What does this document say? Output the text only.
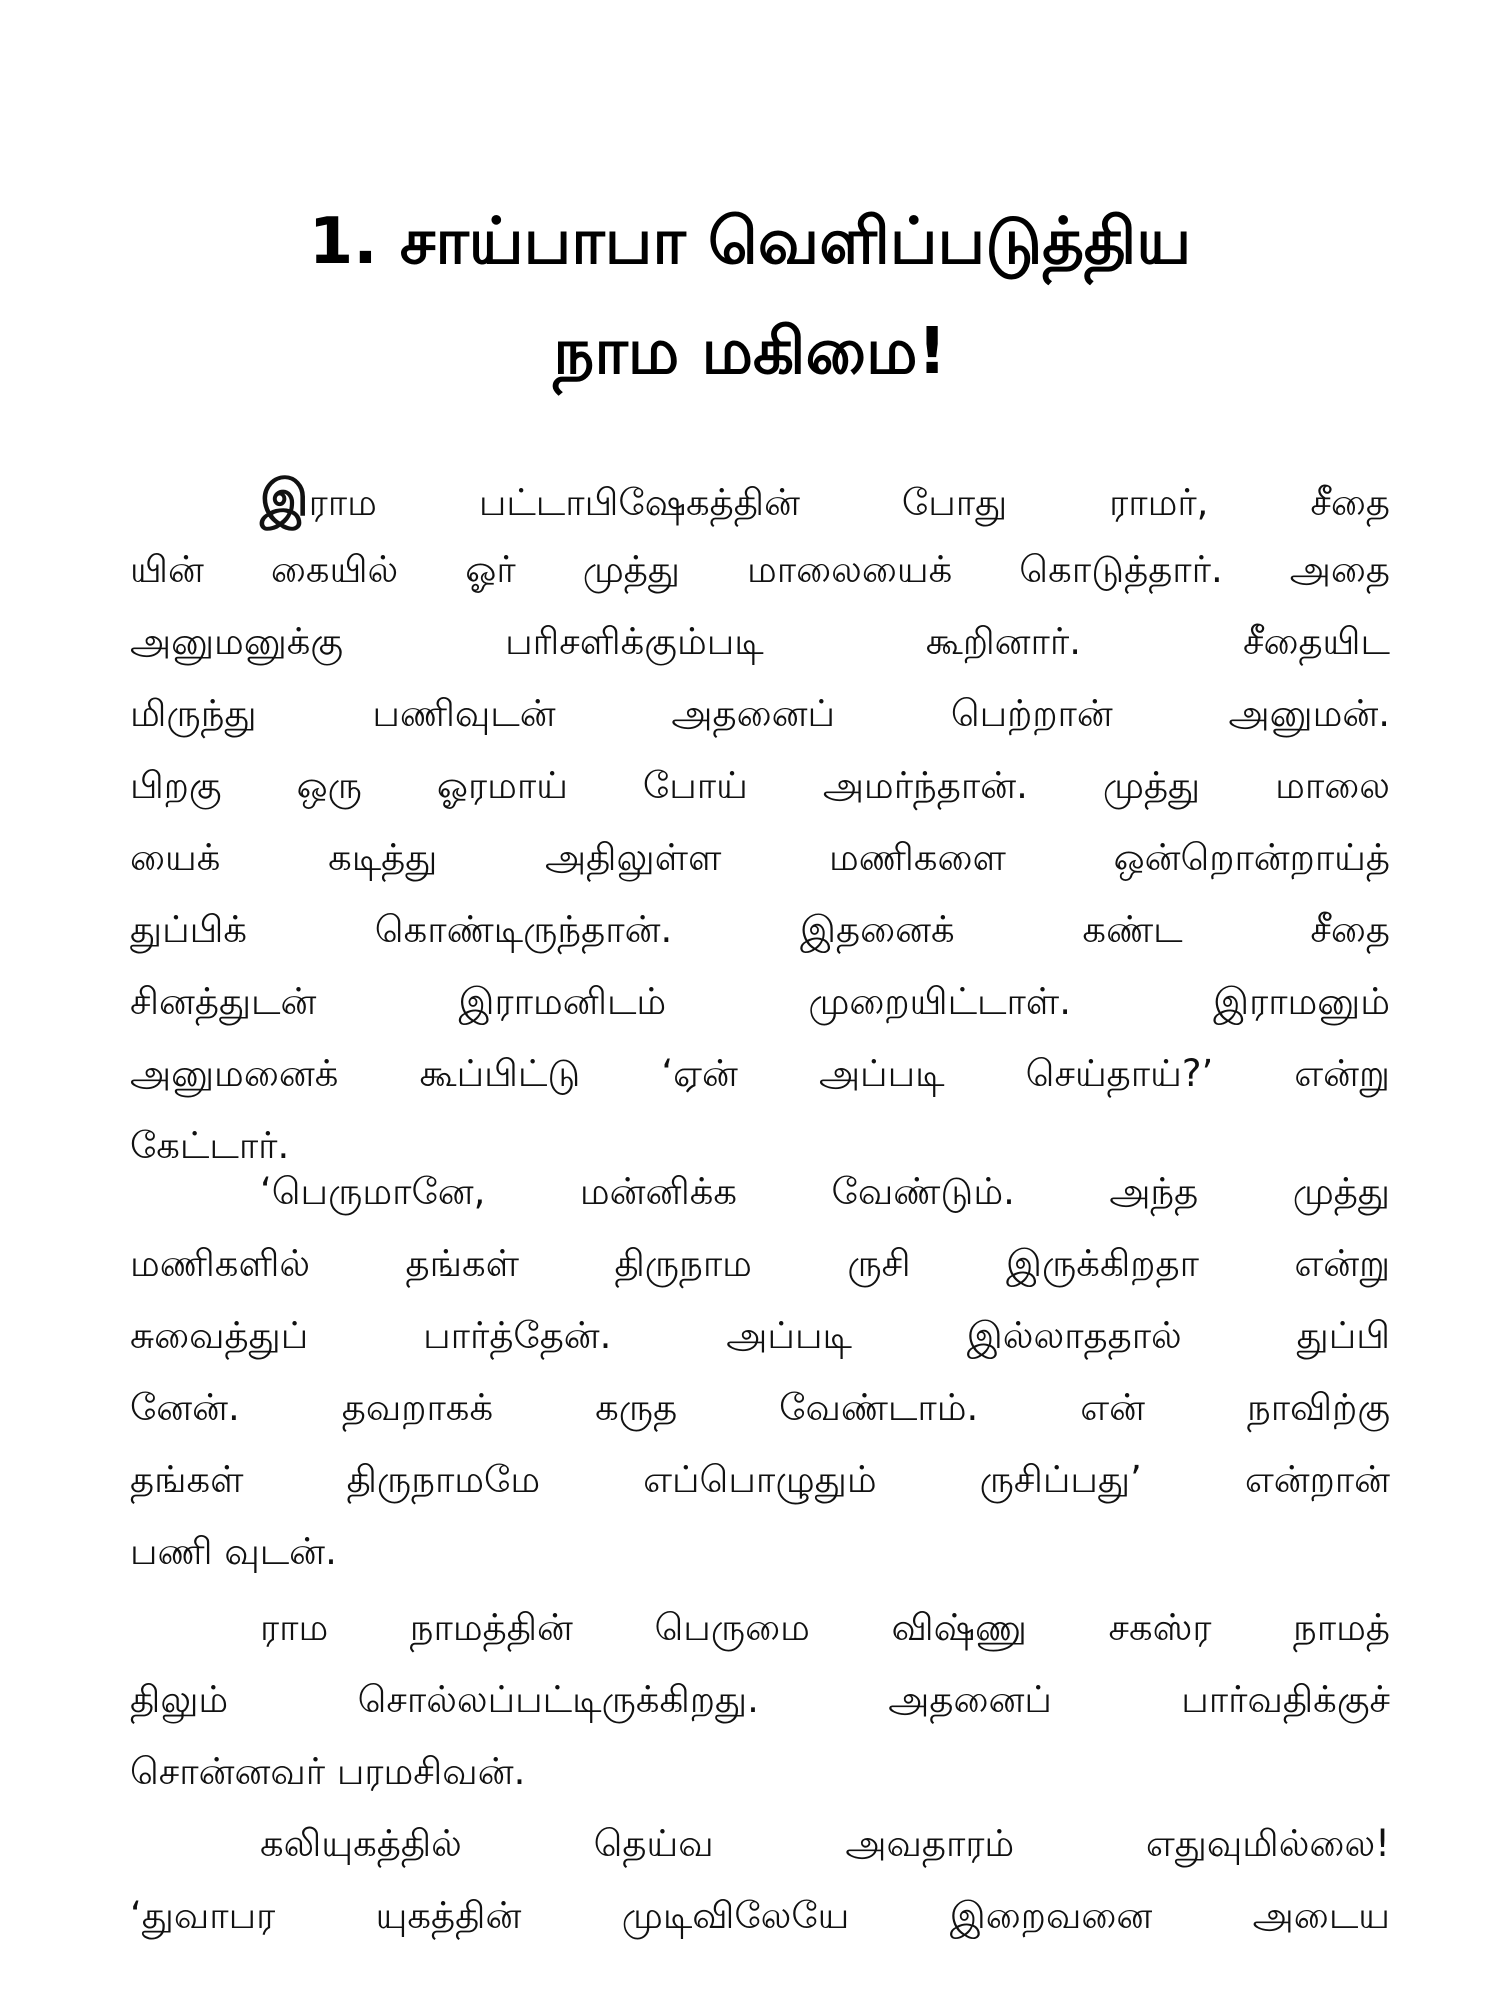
1. சாய்பாபா வெளிப்படுத்திய
நாம மகிமை!
இராம பட்டாபிஷேகத்தின் போது ராமர், சீதை
யின் கையில் ஓர் முத்து மாலையைக் கொடுத்தார். அதை
அனுமனுக்கு பரிசளிக்கும்படி கூறினார். சீதையிட
மிருந்து பணிவுடன் அதனைப் பெற்றான் அனுமன்.
பிறகு ஒரு ஓரமாய் போய் அமர்ந்தான். முத்து மாலை
யைக் கடித்து அதிலுள்ள மணிகளை ஒன்றொன்றாய்த்
துப்பிக் கொண்டிருந்தான். இதனைக் கண்ட சீதை
சினத்துடன் இராமனிடம் முறையிட்டாள். இராமனும்
அனுமனைக் கூப்பிட்டு ‘ஏன் அப்படி செய்தாய்?’ என்று
கேட்டார்.
‘பெருமானே, மன்னிக்க வேண்டும். அந்த முத்து
மணிகளில் தங்கள் திருநாம ருசி இருக்கிறதா என்று
சுவைத்துப் பார்த்தேன். அப்படி இல்லாததால் துப்பி
னேன். தவறாகக் கருத வேண்டாம். என் நாவிற்கு
தங்கள் திருநாமமே எப்பொழுதும் ருசிப்பது’ என்றான்
பணி வுடன்.
ராம நாமத்தின் பெருமை விஷ்ணு சகஸ்ர நாமத்
திலும் சொல்லப்பட்டிருக்கிறது. அதனைப் பார்வதிக்குச்
சொன்னவர் பரமசிவன்.
கலியுகத்தில் தெய்வ அவதாரம் எதுவுமில்லை!
‘துவாபர யுகத்தின் முடிவிலேயே இறைவனை அடைய
